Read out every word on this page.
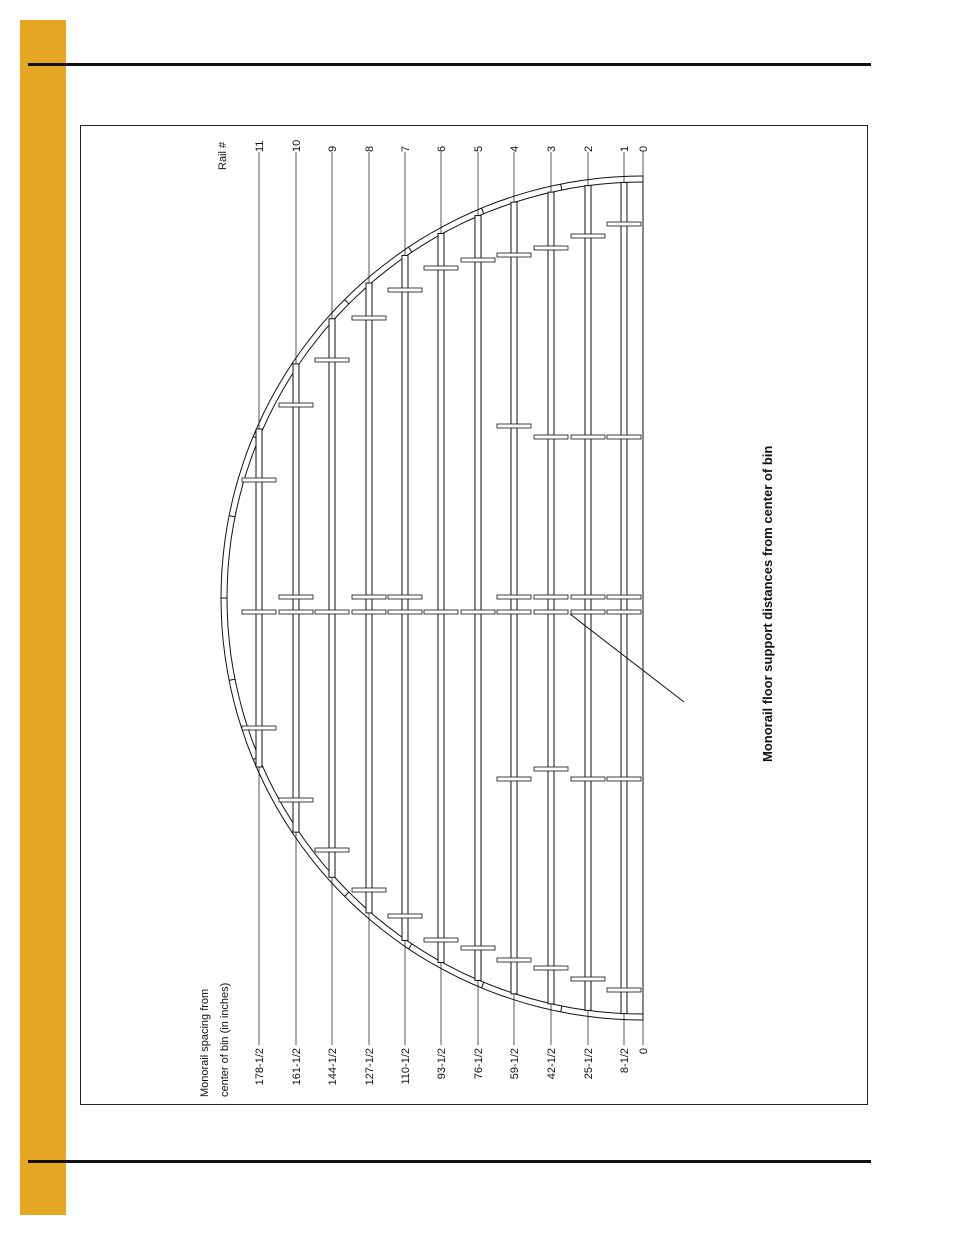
11
178-1/2
10
161-1/2
9
144-1/2
8
127-1/2
7
110-1/2
6
93-1/2
5
76-1/2
4
59-1/2
3
42-1/2
2
25-1/2
1
8-1/2
0
0
Rail #
Monorail spacing from center of bin (in inches)
Monorail floor support distances from center of bin
